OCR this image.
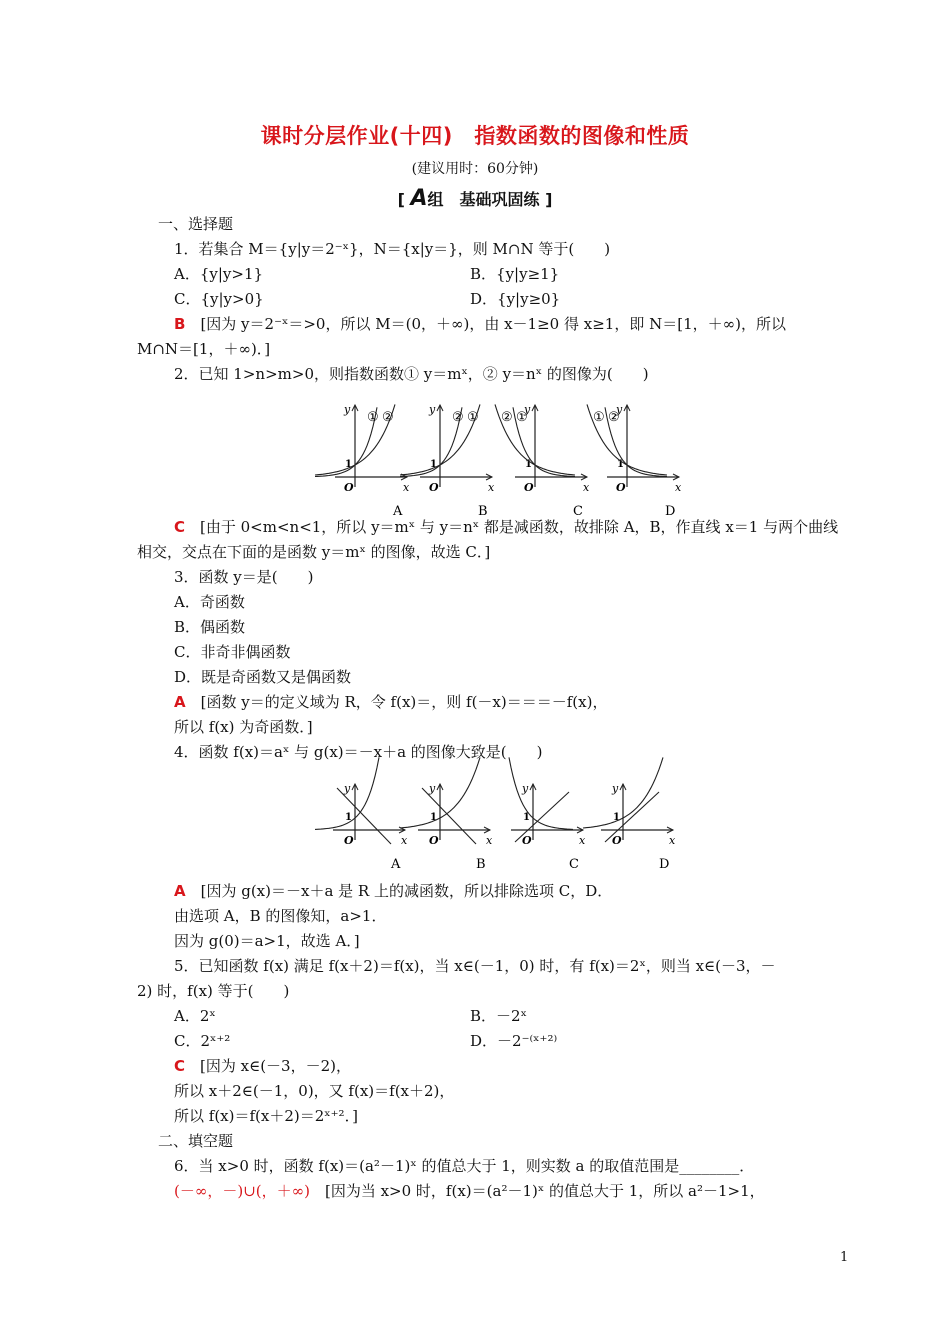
课时分层作业(十四)　指数函数的图像和性质
(建议用时：60分钟)
[ A组　基础巩固练 ]
一、选择题
1．若集合 M＝{y|y＝2⁻ˣ}，N＝{x|y＝}，则 M∩N 等于(　　)
A．{y|y>1}	B．{y|y≥1}
C．{y|y>0}	D．{y|y≥0}
B　[因为 y＝2⁻ˣ＝>0，所以 M＝(0，＋∞)，由 x－1≥0 得 x≥1，即 N＝[1，＋∞)，所以
M∩N＝[1，＋∞)．]
2．已知 1>n>m>0，则指数函数① y＝mˣ，② y＝nˣ 的图像为(　　)
C　[由于 0<m<n<1，所以 y＝mˣ 与 y＝nˣ 都是减函数，故排除 A，B，作直线 x＝1 与两个曲线
相交，交点在下面的是函数 y＝mˣ 的图像，故选 C．]
3．函数 y＝是(　　)
A．奇函数
B．偶函数
C．非奇非偶函数
D．既是奇函数又是偶函数
A　[函数 y＝的定义域为 R，令 f(x)＝，则 f(－x)＝＝＝－f(x)，
所以 f(x) 为奇函数．]
4．函数 f(x)＝aˣ 与 g(x)＝－x＋a 的图像大致是(　　)
A　[因为 g(x)＝－x＋a 是 R 上的减函数，所以排除选项 C，D．
由选项 A，B 的图像知，a>1．
因为 g(0)＝a>1，故选 A．]
5．已知函数 f(x) 满足 f(x＋2)＝f(x)，当 x∈(－1，0) 时，有 f(x)＝2ˣ，则当 x∈(－3，－
2) 时，f(x) 等于(　　)
A．2ˣ	B．－2ˣ
C．2ˣ⁺²	D．－2⁻⁽ˣ⁺²⁾
C　[因为 x∈(－3，－2)，
所以 x＋2∈(－1，0)，又 f(x)＝f(x＋2)，
所以 f(x)＝f(x＋2)＝2ˣ⁺²．]
二、填空题
6．当 x>0 时，函数 f(x)＝(a²－1)ˣ 的值总大于 1，则实数 a 的取值范围是________．
(－∞，－)∪(，＋∞)　[因为当 x>0 时，f(x)＝(a²－1)ˣ 的值总大于 1，所以 a²－1>1，
x
y
O
1
A
① ②
x
y
O
1
B
② ①
x
y
O
1
C
② ①
x
y
O
1
D
① ②
x
y
O
1
A
x
y
O
1
B
x
y
O
1
C
x
y
O
1
D
1
